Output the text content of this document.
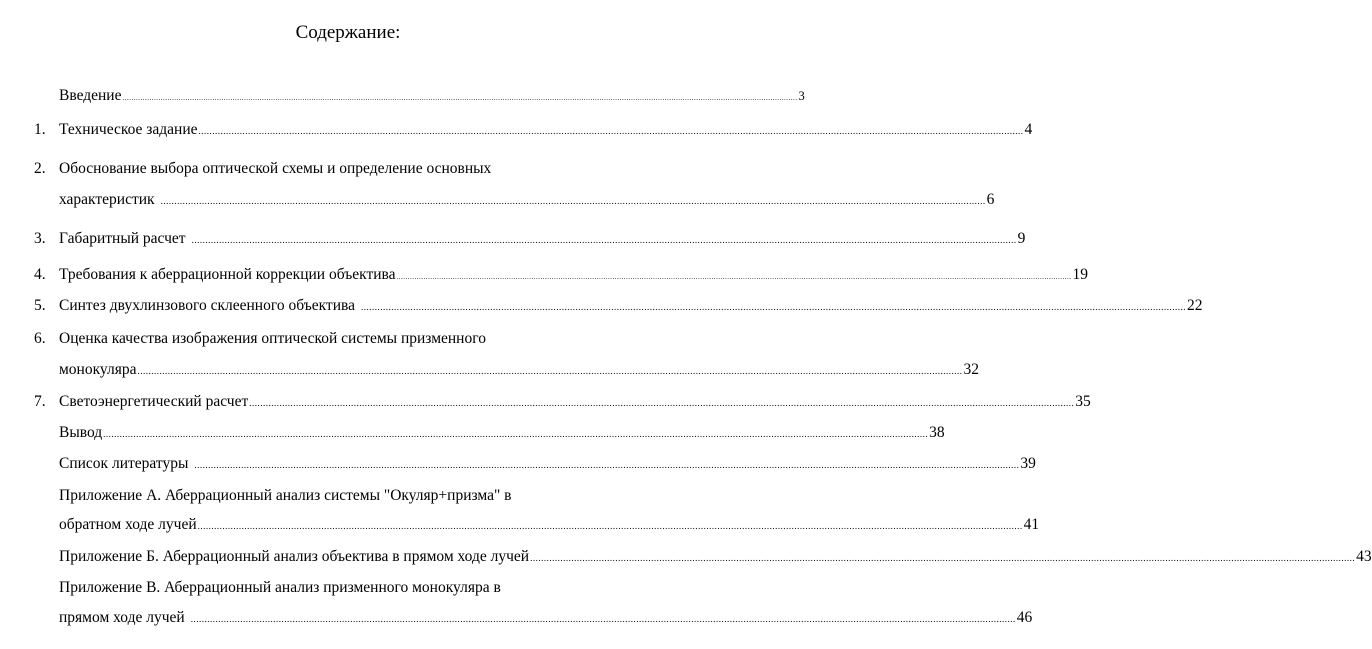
Содержание:
Введение ............................................................................................................................................................................................................................................................................................................ 3
1. Техническое задание ............................................................................................................................................................................................................................................................................................................ 4
2. Обоснование выбора оптической схемы и определение основных
характеристик ............................................................................................................................................................................................................................................................................................................ 6
3. Габаритный расчет ............................................................................................................................................................................................................................................................................................................ 9
4. Требования к аберрационной коррекции объектива ............................................................................................................................................................................................................................................................................................................ 19
5. Синтез двухлинзового склеенного объектива ............................................................................................................................................................................................................................................................................................................ 22
6. Оценка качества изображения оптической системы призменного
монокуляра ............................................................................................................................................................................................................................................................................................................ 32
7. Светоэнергетический расчет ............................................................................................................................................................................................................................................................................................................ 35
Вывод ............................................................................................................................................................................................................................................................................................................ 38
Список литературы ............................................................................................................................................................................................................................................................................................................ 39
Приложение А. Аберрационный анализ системы "Окуляр+призма" в
обратном ходе лучей ............................................................................................................................................................................................................................................................................................................ 41
Приложение Б. Аберрационный анализ объектива в прямом ходе лучей ............................................................................................................................................................................................................................................................................................................ 43
Приложение В. Аберрационный анализ призменного монокуляра в
прямом ходе лучей ............................................................................................................................................................................................................................................................................................................ 46
